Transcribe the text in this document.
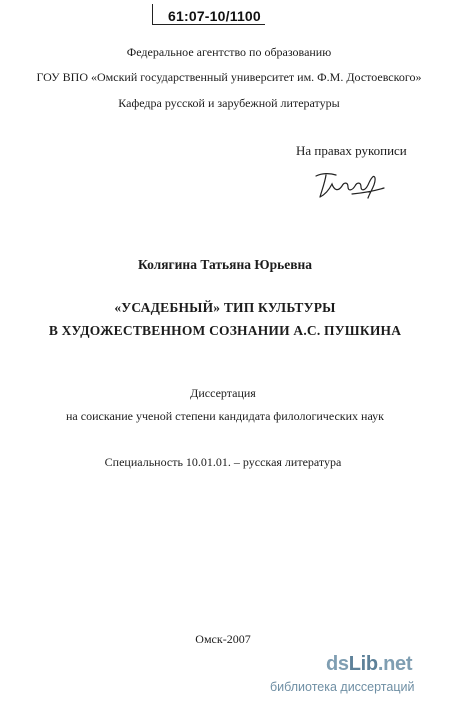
61:07-10/1100
Федеральное агентство по образованию
ГОУ ВПО «Омский государственный университет им. Ф.М. Достоевского»
Кафедра русской и зарубежной литературы
На правах рукописи
Колягина Татьяна Юрьевна
«УСАДЕБНЫЙ» ТИП КУЛЬТУРЫ
В ХУДОЖЕСТВЕННОМ СОЗНАНИИ А.С. ПУШКИНА
Диссертация
на соискание ученой степени кандидата филологических наук
Специальность 10.01.01. – русская литература
Омск-2007
dsLib.net
библиотека диссертаций
